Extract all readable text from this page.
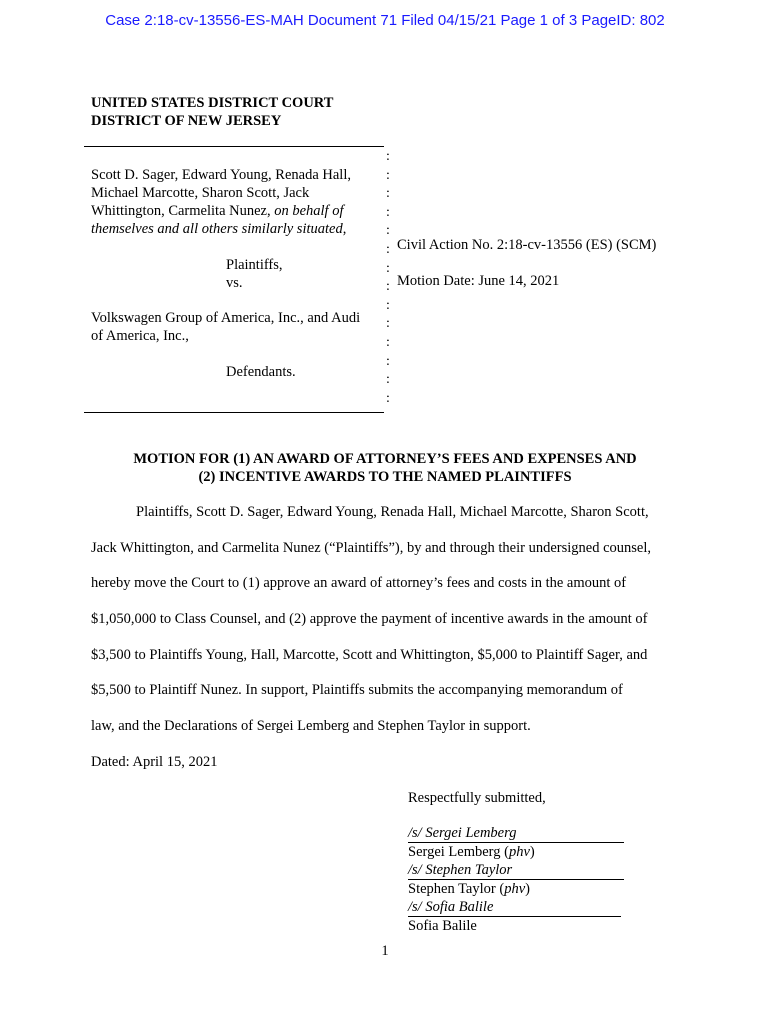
Case 2:18-cv-13556-ES-MAH Document 71 Filed 04/15/21 Page 1 of 3 PageID: 802
UNITED STATES DISTRICT COURT
DISTRICT OF NEW JERSEY
:
:
:
:
:
:
:
:
:
:
:
:
:
:
Scott D. Sager, Edward Young, Renada Hall,
Michael Marcotte, Sharon Scott, Jack
Whittington, Carmelita Nunez, on behalf of
themselves and all others similarly situated,
Plaintiffs,
vs.
Volkswagen Group of America, Inc., and Audi
of America, Inc.,
Defendants.
Civil Action No. 2:18-cv-13556 (ES) (SCM)
Motion Date: June 14, 2021
MOTION FOR (1) AN AWARD OF ATTORNEY’S FEES AND EXPENSES AND
(2) INCENTIVE AWARDS TO THE NAMED PLAINTIFFS
Plaintiffs, Scott D. Sager, Edward Young, Renada Hall, Michael Marcotte, Sharon Scott,
Jack Whittington, and Carmelita Nunez (“Plaintiffs”), by and through their undersigned counsel,
hereby move the Court to (1) approve an award of attorney’s fees and costs in the amount of
$1,050,000 to Class Counsel, and (2) approve the payment of incentive awards in the amount of
$3,500 to Plaintiffs Young, Hall, Marcotte, Scott and Whittington, $5,000 to Plaintiff Sager, and
$5,500 to Plaintiff Nunez. In support, Plaintiffs submits the accompanying memorandum of
law, and the Declarations of Sergei Lemberg and Stephen Taylor in support.
Dated: April 15, 2021
Respectfully submitted,
/s/ Sergei Lemberg
Sergei Lemberg (phv)
/s/ Stephen Taylor
Stephen Taylor (phv)
/s/ Sofia Balile
Sofia Balile
1
